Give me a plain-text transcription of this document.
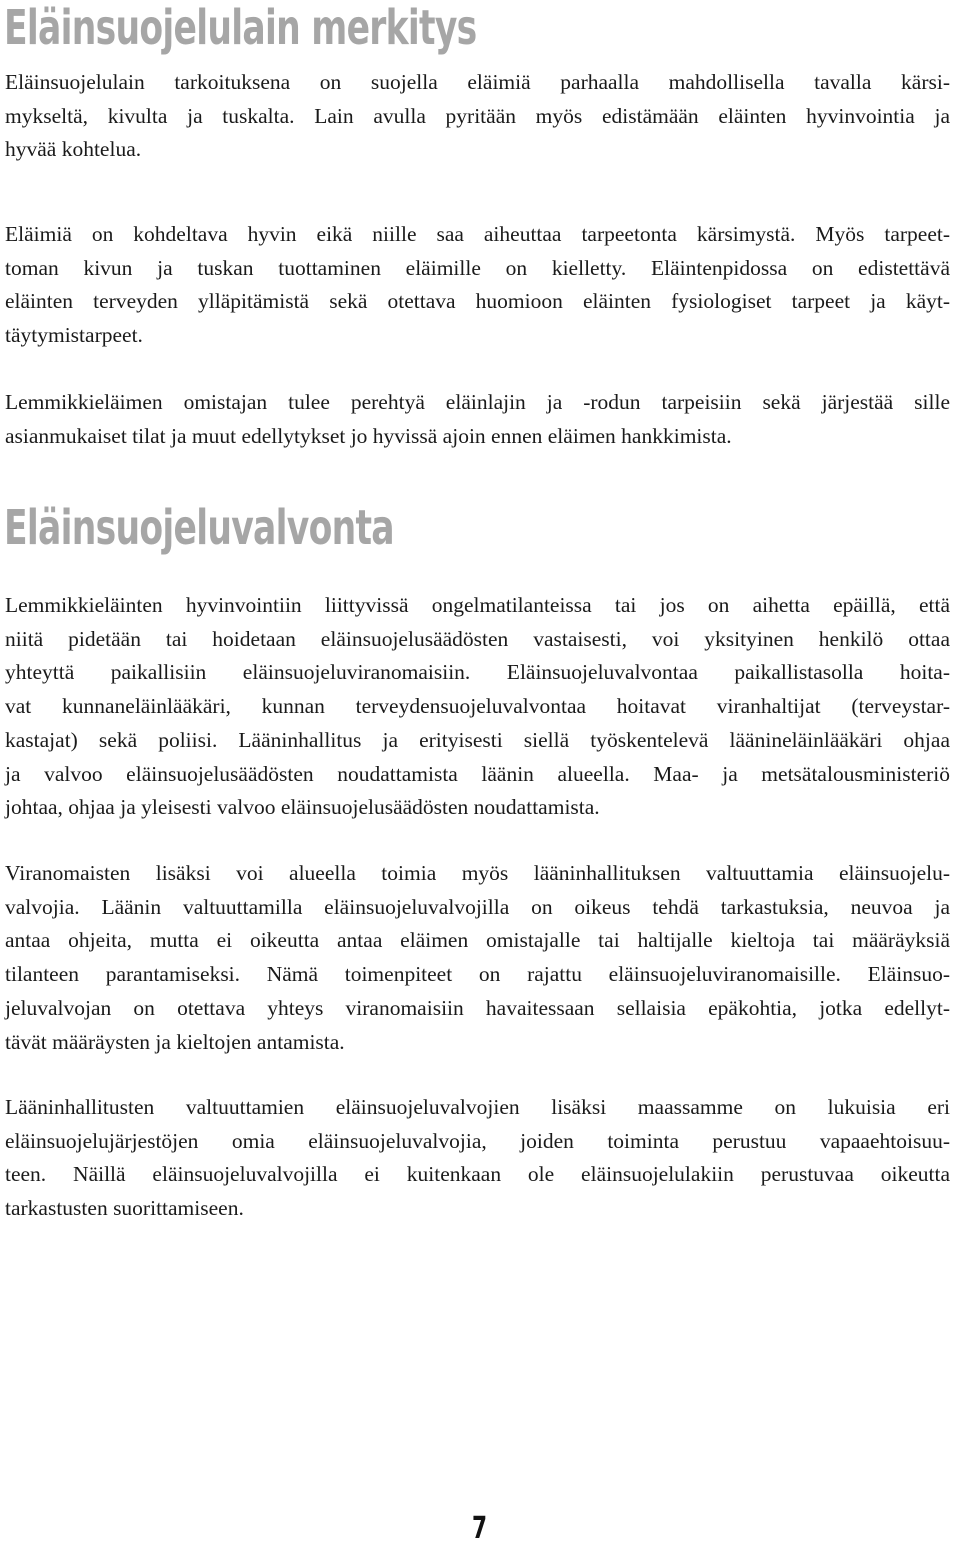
Eläinsuojelulain merkitys

Eläinsuojelulain tarkoituksena on suojella eläimiä parhaalla mahdollisella tavalla kärsi-
mykseltä, kivulta ja tuskalta. Lain avulla pyritään myös edistämään eläinten hyvinvointia ja
hyvää kohtelua.

Eläimiä on kohdeltava hyvin eikä niille saa aiheuttaa tarpeetonta kärsimystä. Myös tarpeet-
toman kivun ja tuskan tuottaminen eläimille on kielletty. Eläintenpidossa on edistettävä
eläinten terveyden ylläpitämistä sekä otettava huomioon eläinten fysiologiset tarpeet ja käyt-
täytymistarpeet.

Lemmikkieläimen omistajan tulee perehtyä eläinlajin ja -rodun tarpeisiin sekä järjestää sille
asianmukaiset tilat ja muut edellytykset jo hyvissä ajoin ennen eläimen hankkimista.

Eläinsuojeluvalvonta

Lemmikkieläinten hyvinvointiin liittyvissä ongelmatilanteissa tai jos on aihetta epäillä, että
niitä pidetään tai hoidetaan eläinsuojelusäädösten vastaisesti, voi yksityinen henkilö ottaa
yhteyttä paikallisiin eläinsuojeluviranomaisiin. Eläinsuojeluvalvontaa paikallistasolla hoita-
vat kunnaneläinlääkäri, kunnan terveydensuojeluvalvontaa hoitavat viranhaltijat (terveystar-
kastajat) sekä poliisi. Lääninhallitus ja erityisesti siellä työskentelevä lääninеläinlääkäri ohjaa
ja valvoo eläinsuojelusäädösten noudattamista läänin alueella. Maa- ja metsätalousministeriö
johtaa, ohjaa ja yleisesti valvoo eläinsuojelusäädösten noudattamista.

Viranomaisten lisäksi voi alueella toimia myös lääninhallituksen valtuuttamia eläinsuojelu-
valvojia. Läänin valtuuttamilla eläinsuojeluvalvojilla on oikeus tehdä tarkastuksia, neuvoa ja
antaa ohjeita, mutta ei oikeutta antaa eläimen omistajalle tai haltijalle kieltoja tai määräyksiä
tilanteen parantamiseksi. Nämä toimenpiteet on rajattu eläinsuojeluviranomaisille. Eläinsuo-
jeluvalvojan on otettava yhteys viranomaisiin havaitessaan sellaisia epäkohtia, jotka edellyt-
tävät määräysten ja kieltojen antamista.

Lääninhallitusten valtuuttamien eläinsuojeluvalvojien lisäksi maassamme on lukuisia eri
eläinsuojelujärjestöjen omia eläinsuojeluvalvojia, joiden toiminta perustuu vapaaehtoisuu-
teen. Näillä eläinsuojeluvalvojilla ei kuitenkaan ole eläinsuojelulakiin perustuvaa oikeutta
tarkastusten suorittamiseen.

7
